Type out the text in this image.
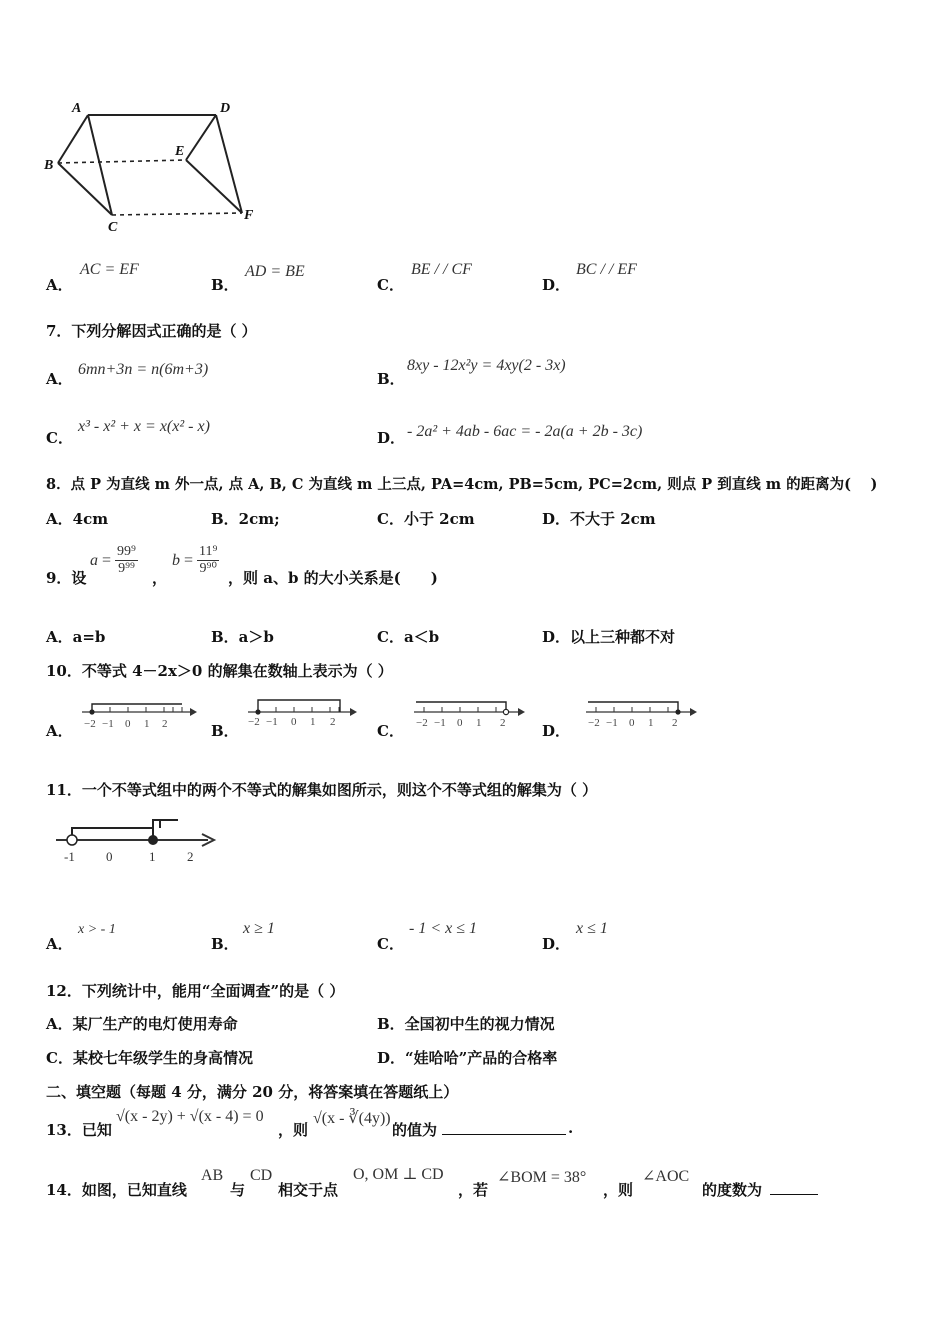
A	D
B
E
C
F
A．
AC = EF
B．
AD = BE
C．
BE / / CF
D．
BC / / EF
7．下列分解因式正确的是（ ）
A．
6mn+3n = n(6m+3)
B．
8xy - 12x²y = 4xy(2 - 3x)
C．
x³ - x² + x = x(x² - x)
D． - 2a² + 4ab - 6ac = - 2a(a + 2b - 3c)
8．点 P 为直线 m 外一点, 点 A, B, C 为直线 m 上三点, PA=4cm, PB=5cm, PC=2cm, 则点 P 到直线 m 的距离为(　 )
A．4cm	B．2cm;	C．小于 2cm	D．不大于 2cm
9．设
$a = \frac{\text{99⁹}}{\text{9⁹⁹}}$
，
$b = \frac{\text{11⁹}}{\text{9⁹⁰}}$
，则 a、b 的大小关系是(　　)
A．a=b	B．a＞b	C．a＜b	D．以上三种都不对
10．不等式 4－2x＞0 的解集在数轴上表示为（ ）
A． −2 −1 0 1 2	B． −2 −1 0 1 2	C． −2 −1 0 1 2 D． −2 −1 0 1 2
11．一个不等式组中的两个不等式的解集如图所示，则这个不等式组的解集为（ ）
-1 0	1 2
A．
x > - 1
B．
x ≥ 1
C．
- 1 < x ≤ 1
D．
x ≤ 1
12．下列统计中，能用“全面调查”的是（ ）
A．某厂生产的电灯使用寿命	B．全国初中生的视力情况
C．某校七年级学生的身高情况	D．“娃哈哈”产品的合格率
二、填空题（每题 4 分，满分 20 分，将答案填在答题纸上）
13．已知
√(x - 2y) + √(x - 4) = 0
，则
√(x - ∛(4y))
的值为	.
14．如图，已知直线
AB
与
CD
相交于点
O, OM ⊥ CD
，若
∠BOM = 38°
，则
∠AOC
的度数为
